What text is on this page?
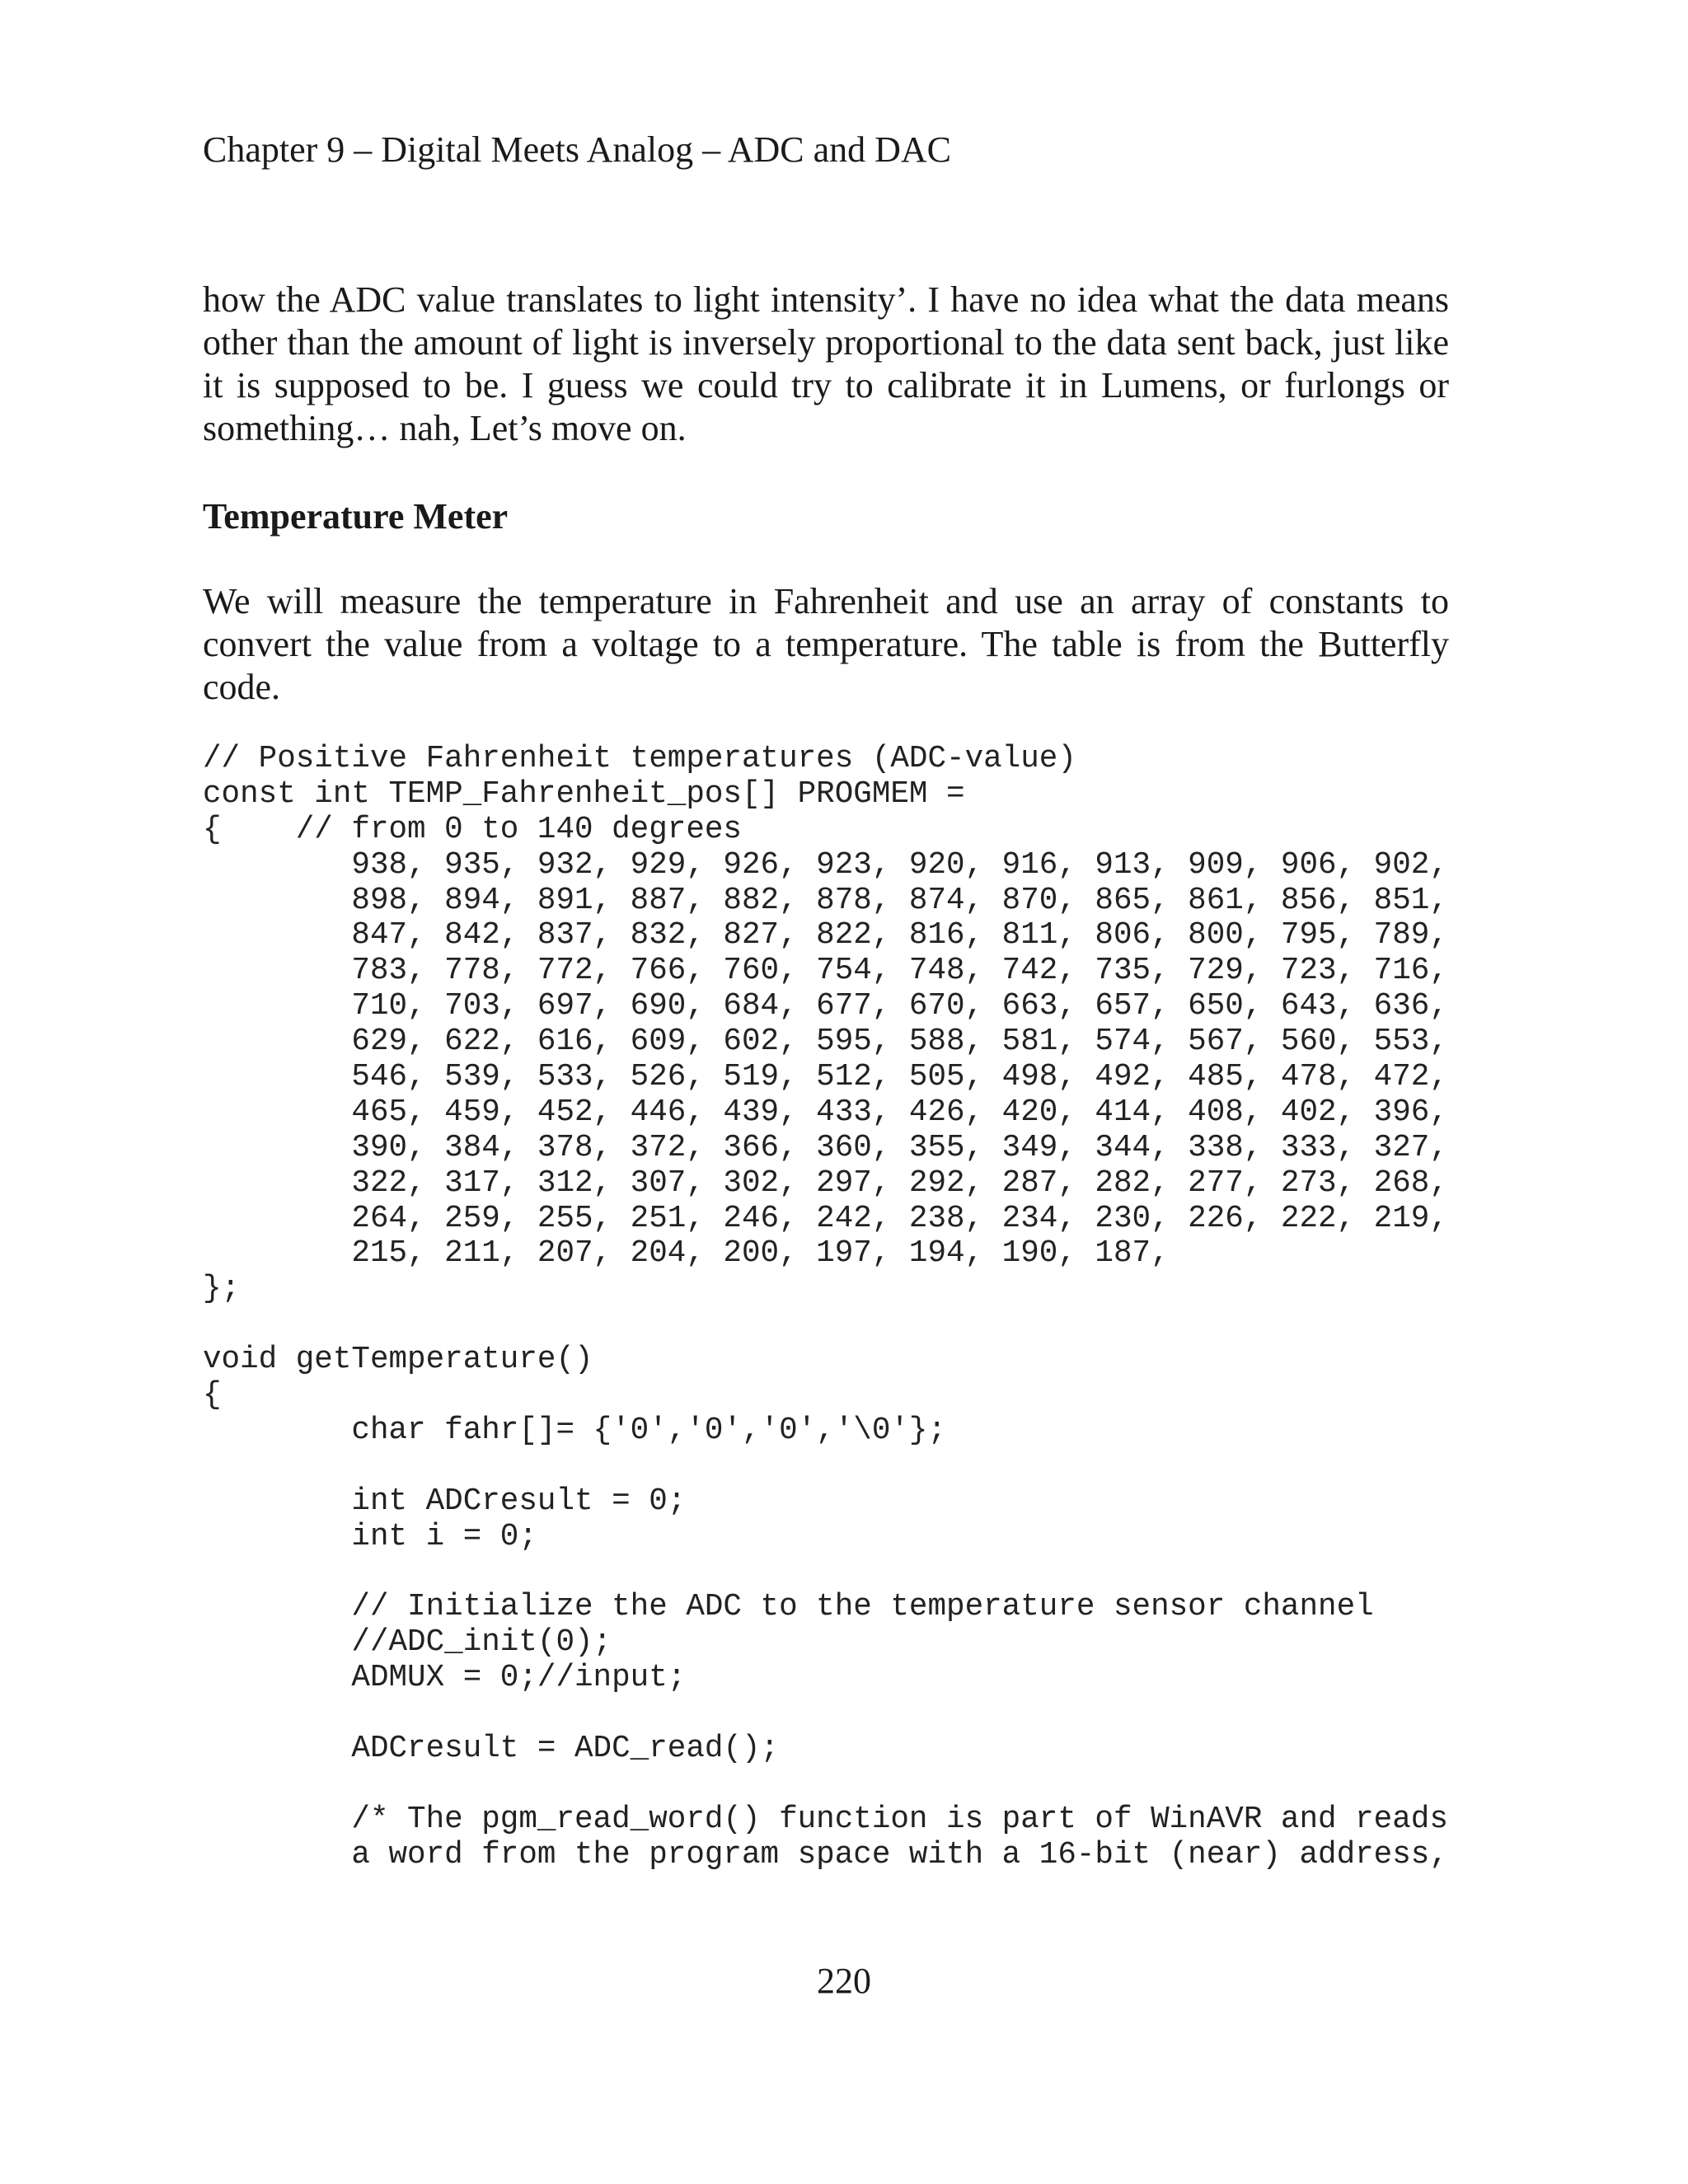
Chapter 9 – Digital Meets Analog – ADC and DAC

how the ADC value translates to light intensity’. I have no idea what the data means other than the amount of light is inversely proportional to the data sent back, just like it is supposed to be. I guess we could try to calibrate it in Lumens, or furlongs or something… nah, Let’s move on.

Temperature Meter

We will measure the temperature in Fahrenheit and use an array of constants to convert the value from a voltage to a temperature. The table is from the Butterfly code.

// Positive Fahrenheit temperatures (ADC-value)
const int TEMP_Fahrenheit_pos[] PROGMEM =
{    // from 0 to 140 degrees
938, 935, 932, 929, 926, 923, 920, 916, 913, 909, 906, 902,
898, 894, 891, 887, 882, 878, 874, 870, 865, 861, 856, 851,
847, 842, 837, 832, 827, 822, 816, 811, 806, 800, 795, 789,
783, 778, 772, 766, 760, 754, 748, 742, 735, 729, 723, 716,
710, 703, 697, 690, 684, 677, 670, 663, 657, 650, 643, 636,
629, 622, 616, 609, 602, 595, 588, 581, 574, 567, 560, 553,
546, 539, 533, 526, 519, 512, 505, 498, 492, 485, 478, 472,
465, 459, 452, 446, 439, 433, 426, 420, 414, 408, 402, 396,
390, 384, 378, 372, 366, 360, 355, 349, 344, 338, 333, 327,
322, 317, 312, 307, 302, 297, 292, 287, 282, 277, 273, 268,
264, 259, 255, 251, 246, 242, 238, 234, 230, 226, 222, 219,
215, 211, 207, 204, 200, 197, 194, 190, 187,
};
void getTemperature()
{
char fahr[]= {'0','0','0','\0'};
int ADCresult = 0;
int i = 0;
// Initialize the ADC to the temperature sensor channel
//ADC_init(0);
ADMUX = 0;//input;
ADCresult = ADC_read();
/* The pgm_read_word() function is part of WinAVR and reads
a word from the program space with a 16-bit (near) address,
220
